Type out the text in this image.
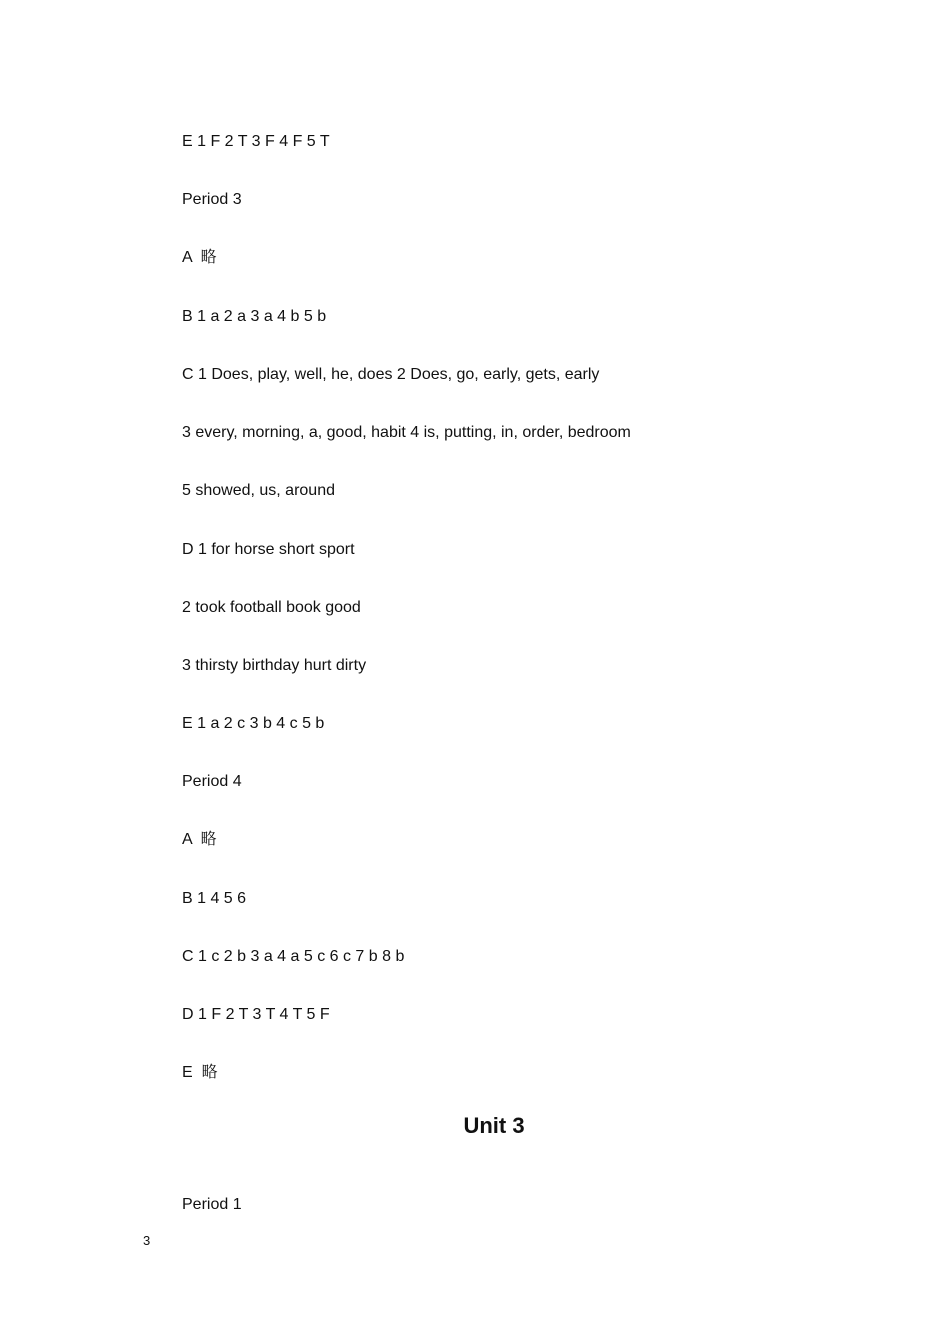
E 1 F 2 T 3 F 4 F 5 T
Period 3
A  略
B 1 a 2 a 3 a 4 b 5 b
C 1 Does, play, well, he, does 2 Does, go, early, gets, early
3 every, morning, a, good, habit 4 is, putting, in, order, bedroom
5 showed, us, around
D 1 for horse short sport
2 took football book good
3 thirsty birthday hurt dirty
E 1 a 2 c 3 b 4 c 5 b
Period 4
A  略
B 1 4 5 6
C 1 c 2 b 3 a 4 a 5 c 6 c 7 b 8 b
D 1 F 2 T 3 T 4 T 5 F
E  略
Unit 3
Period 1
3
